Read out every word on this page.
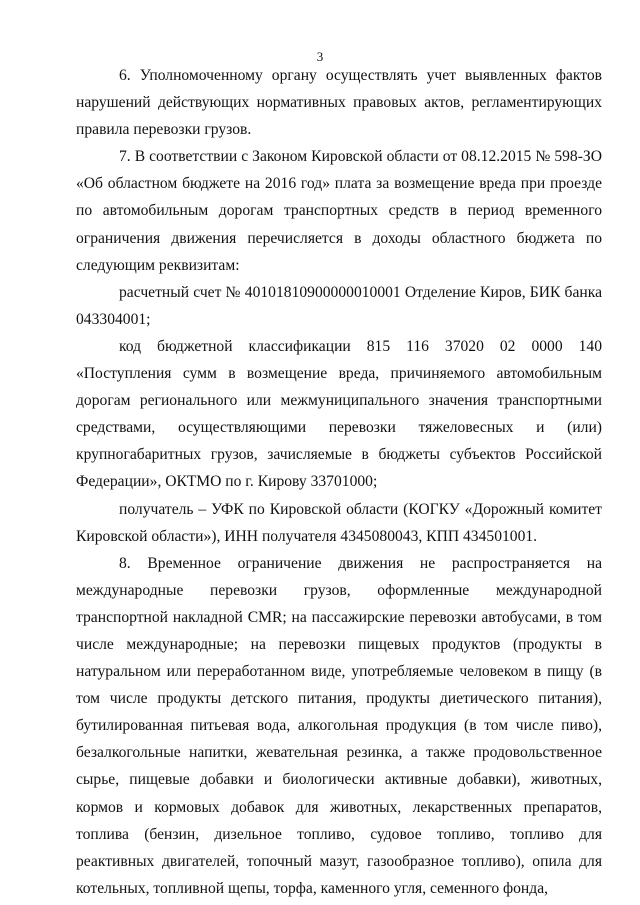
3

6. Уполномоченному органу осуществлять учет выявленных фактов нарушений действующих нормативных правовых актов, регламентирующих правила перевозки грузов.

7. В соответствии с Законом Кировской области от 08.12.2015 № 598-ЗО «Об областном бюджете на 2016 год» плата за возмещение вреда при проезде по автомобильным дорогам транспортных средств в период временного ограничения движения перечисляется в доходы областного бюджета по следующим реквизитам:

расчетный счет № 40101810900000010001 Отделение Киров, БИК банка 043304001;

код бюджетной классификации 815 116 37020 02 0000 140 «Поступления сумм в возмещение вреда, причиняемого автомобильным дорогам регионального или межмуниципального значения транспортными средствами, осуществляющими перевозки тяжеловесных и (или) крупногабаритных грузов, зачисляемые в бюджеты субъектов Российской Федерации», ОКТМО по г. Кирову 33701000;

получатель – УФК по Кировской области (КОГКУ «Дорожный комитет Кировской области»), ИНН получателя 4345080043, КПП 434501001.

8. Временное ограничение движения не распространяется на международные перевозки грузов, оформленные международной транспортной накладной CMR; на пассажирские перевозки автобусами, в том числе международные; на перевозки пищевых продуктов (продукты в натуральном или переработанном виде, употребляемые человеком в пищу (в том числе продукты детского питания, продукты диетического питания), бутилированная питьевая вода, алкогольная продукция (в том числе пиво), безалкогольные напитки, жевательная резинка, а также продовольственное сырье, пищевые добавки и биологически активные добавки), животных, кормов и кормовых добавок для животных, лекарственных препаратов, топлива (бензин, дизельное топливо, судовое топливо, топливо для реактивных двигателей, топочный мазут, газообразное топливо), опила для котельных, топливной щепы, торфа, каменного угля, семенного фонда,
